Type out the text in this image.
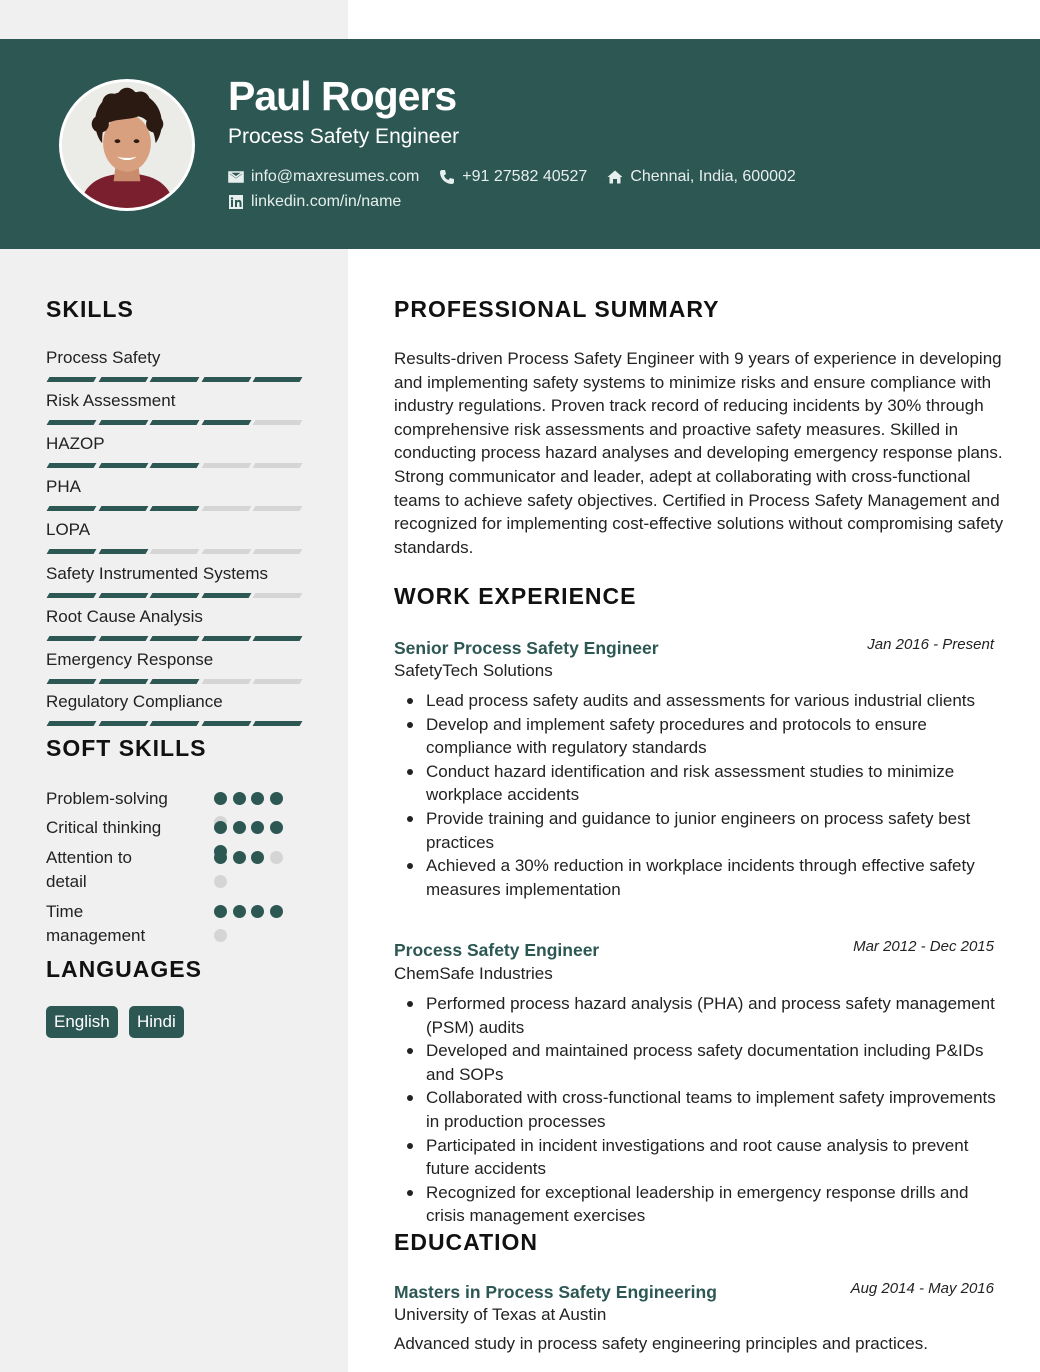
Paul Rogers
Process Safety Engineer
info@maxresumes.com	+91 27582 40527	Chennai, India, 600002
linkedin.com/in/name
SKILLS
Process Safety
Risk Assessment
HAZOP
PHA
LOPA
Safety Instrumented Systems
Root Cause Analysis
Emergency Response
Regulatory Compliance
SOFT SKILLS
Problem-solving
Critical thinking
Attention to detail
Time management
LANGUAGES
English	Hindi
PROFESSIONAL SUMMARY
Results-driven Process Safety Engineer with 9 years of experience in developing and implementing safety systems to minimize risks and ensure compliance with industry regulations. Proven track record of reducing incidents by 30% through comprehensive risk assessments and proactive safety measures. Skilled in conducting process hazard analyses and developing emergency response plans. Strong communicator and leader, adept at collaborating with cross-functional teams to achieve safety objectives. Certified in Process Safety Management and recognized for implementing cost-effective solutions without compromising safety standards.
WORK EXPERIENCE
Senior Process Safety Engineer	Jan 2016 - Present
SafetyTech Solutions
Lead process safety audits and assessments for various industrial clients
Develop and implement safety procedures and protocols to ensure compliance with regulatory standards
Conduct hazard identification and risk assessment studies to minimize workplace accidents
Provide training and guidance to junior engineers on process safety best practices
Achieved a 30% reduction in workplace incidents through effective safety measures implementation
Process Safety Engineer	Mar 2012 - Dec 2015
ChemSafe Industries
Performed process hazard analysis (PHA) and process safety management (PSM) audits
Developed and maintained process safety documentation including P&IDs and SOPs
Collaborated with cross-functional teams to implement safety improvements in production processes
Participated in incident investigations and root cause analysis to prevent future accidents
Recognized for exceptional leadership in emergency response drills and crisis management exercises
EDUCATION
Masters in Process Safety Engineering	Aug 2014 - May 2016
University of Texas at Austin
Advanced study in process safety engineering principles and practices.
